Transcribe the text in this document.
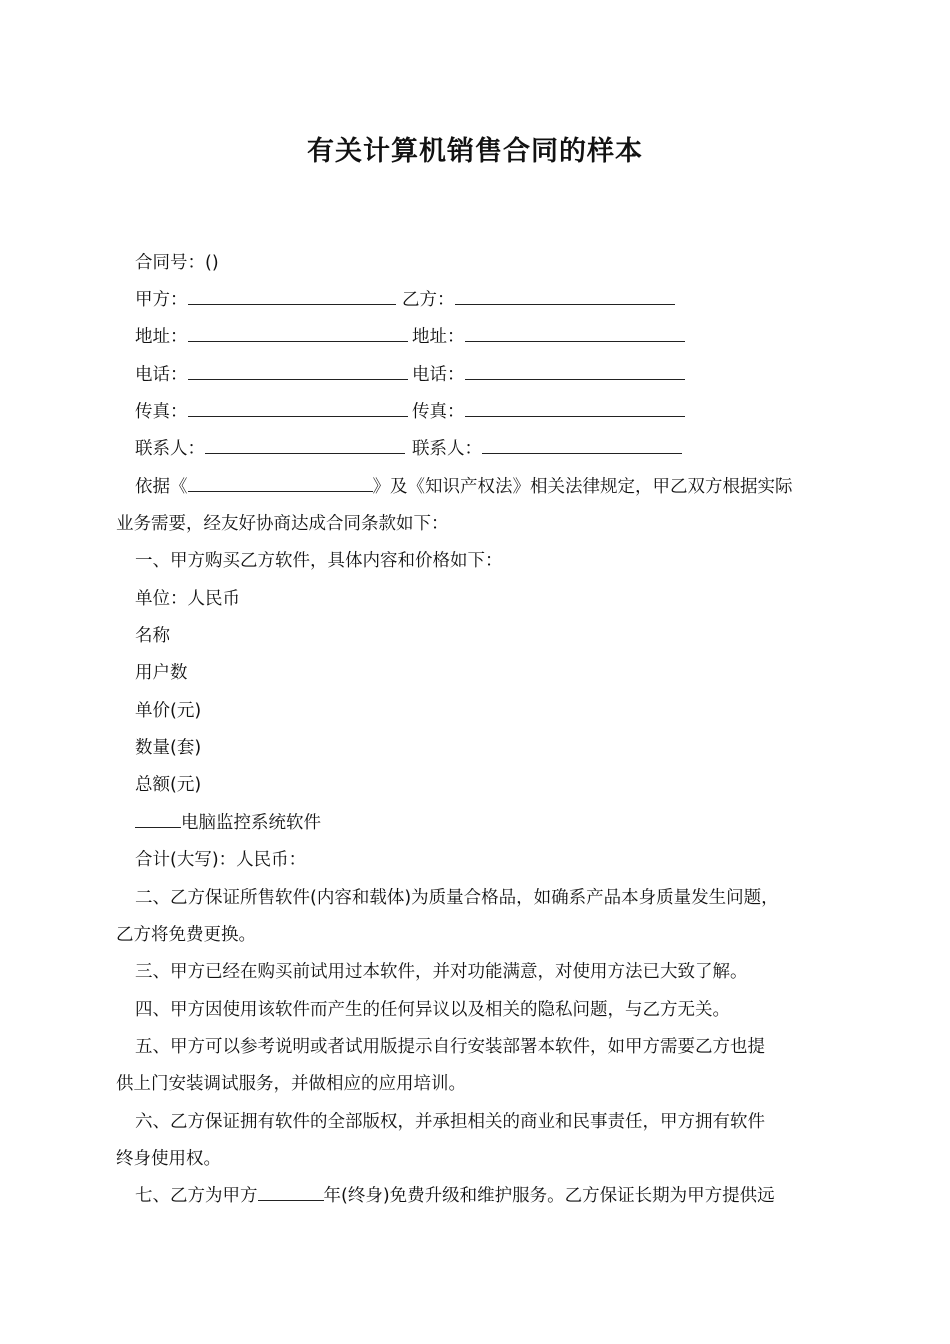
有关计算机销售合同的样本
合同号：()
甲方：	乙方：
地址：	地址：
电话：	电话：
传真：	传真：
联系人：	联系人：
依据《	》及《知识产权法》相关法律规定，甲乙双方根据实际
业务需要，经友好协商达成合同条款如下：
一、甲方购买乙方软件，具体内容和价格如下：
单位：人民币
名称
用户数
单价(元)
数量(套)
总额(元)
电脑监控系统软件
合计(大写)：人民币：
二、乙方保证所售软件(内容和载体)为质量合格品，如确系产品本身质量发生问题，
乙方将免费更换。
三、甲方已经在购买前试用过本软件，并对功能满意，对使用方法已大致了解。
四、甲方因使用该软件而产生的任何异议以及相关的隐私问题，与乙方无关。
五、甲方可以参考说明或者试用版提示自行安装部署本软件，如甲方需要乙方也提
供上门安装调试服务，并做相应的应用培训。
六、乙方保证拥有软件的全部版权，并承担相关的商业和民事责任，甲方拥有软件
终身使用权。
七、乙方为甲方	年(终身)免费升级和维护服务。乙方保证长期为甲方提供远
